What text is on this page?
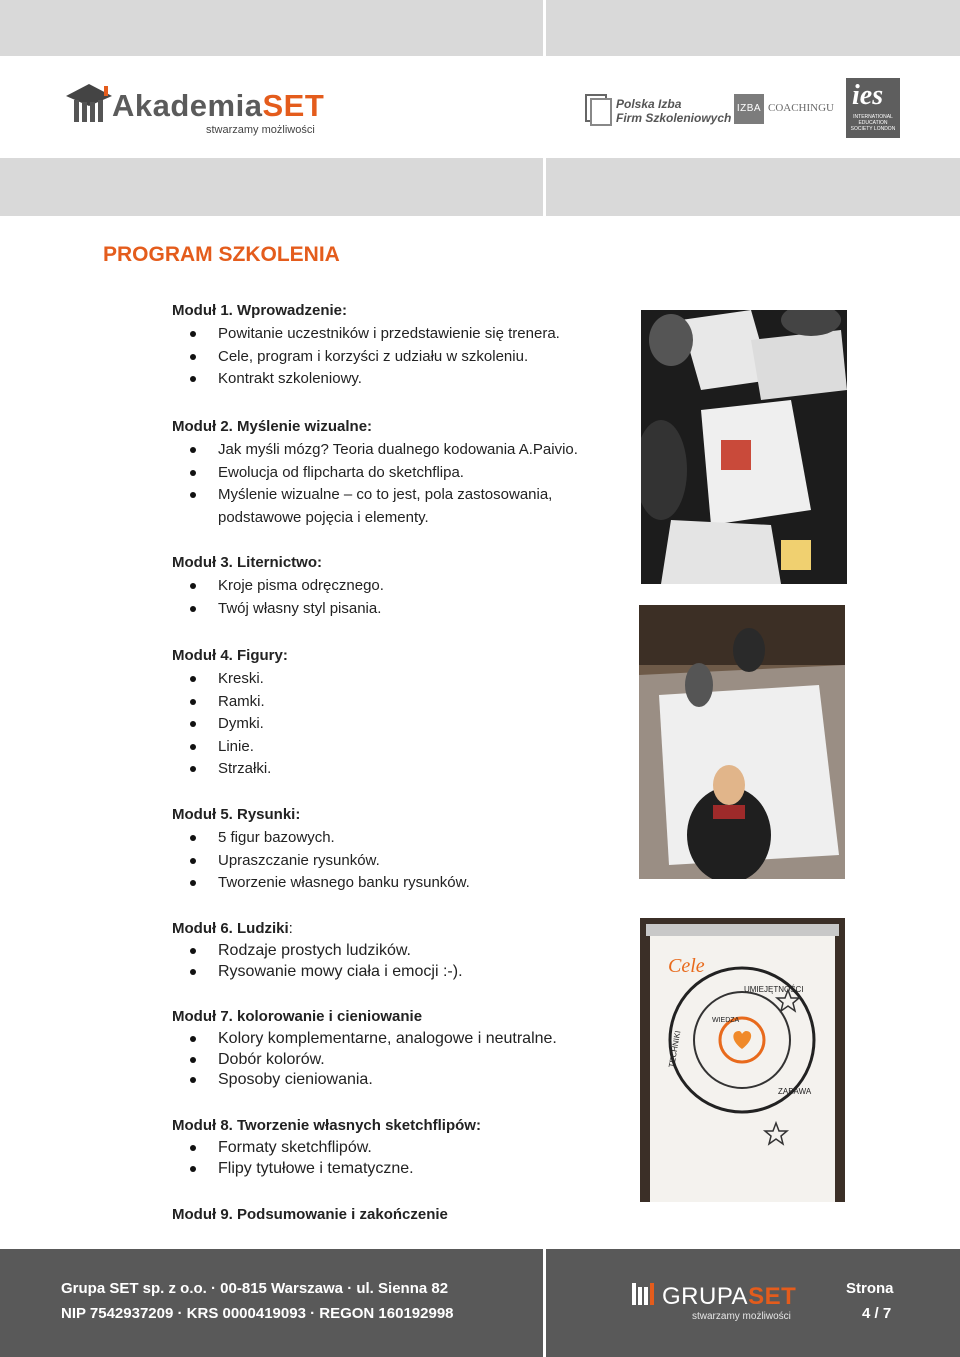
AkademiaSET
stwarzamy możliwości
Polska Izba
Firm Szkoleniowych
IZBA COACHINGU ies
INTERNATIONAL EDUCATION SOCIETY LONDON
PROGRAM SZKOLENIA
Moduł 1. Wprowadzenie:
Powitanie uczestników i przedstawienie się trenera.
Cele, program i korzyści z udziału w szkoleniu.
Kontrakt szkoleniowy.
Moduł 2. Myślenie wizualne:
Jak myśli mózg? Teoria dualnego kodowania A.Paivio.
Ewolucja od flipcharta do sketchflipa.
Myślenie wizualne – co to jest, pola zastosowania, podstawowe pojęcia i elementy.
Moduł 3. Liternictwo:
Kroje pisma odręcznego.
Twój własny styl pisania.
Moduł 4. Figury:
Kreski.
Ramki.
Dymki.
Linie.
Strzałki.
Moduł 5. Rysunki:
5 figur bazowych.
Upraszczanie rysunków.
Tworzenie własnego banku rysunków.
Moduł 6. Ludziki:
Rodzaje prostych ludzików.
Rysowanie mowy ciała i emocji :-).
Moduł 7. kolorowanie i cieniowanie
Kolory komplementarne, analogowe i neutralne.
Dobór kolorów.
Sposoby cieniowania.
Moduł 8. Tworzenie własnych sketchflipów:
Formaty sketchflipów.
Flipy tytułowe i tematyczne.
Moduł 9. Podsumowanie i zakończenie
Cele
UMIEJĘTNOŚCI
WIEDZA
TECHNIKI
ZABAWA
Grupa SET sp. z o.o. · 00-815 Warszawa · ul. Sienna 82
NIP 7542937209 · KRS 0000419093 · REGON 160192998
GRUPASET
stwarzamy możliwości
Strona
4 / 7
